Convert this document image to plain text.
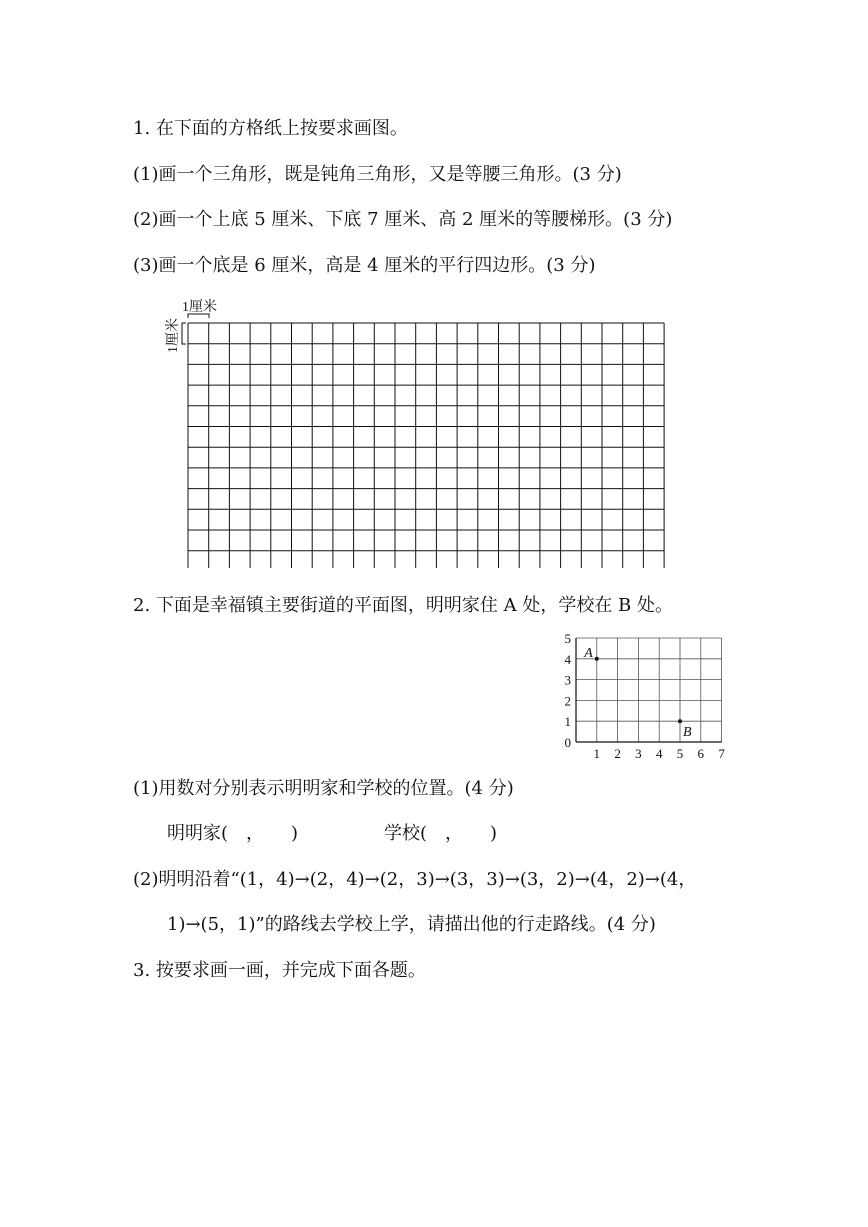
1. 在下面的方格纸上按要求画图。
(1)画一个三角形，既是钝角三角形，又是等腰三角形。(3 分)
(2)画一个上底 5 厘米、下底 7 厘米、高 2 厘米的等腰梯形。(3 分)
(3)画一个底是 6 厘米，高是 4 厘米的平行四边形。(3 分)
1厘米
1厘米
2. 下面是幸福镇主要街道的平面图，明明家住 A 处，学校在 B 处。
1 2 3 4 5 6 7
0
1
2
3
4
5
A
B
(1)用数对分别表示明明家和学校的位置。(4 分)
明明家(　，　　)	学校(　，　　)
(2)明明沿着“(1，4)→(2，4)→(2，3)→(3，3)→(3，2)→(4，2)→(4，
1)→(5，1)”的路线去学校上学，请描出他的行走路线。(4 分)
3. 按要求画一画，并完成下面各题。
